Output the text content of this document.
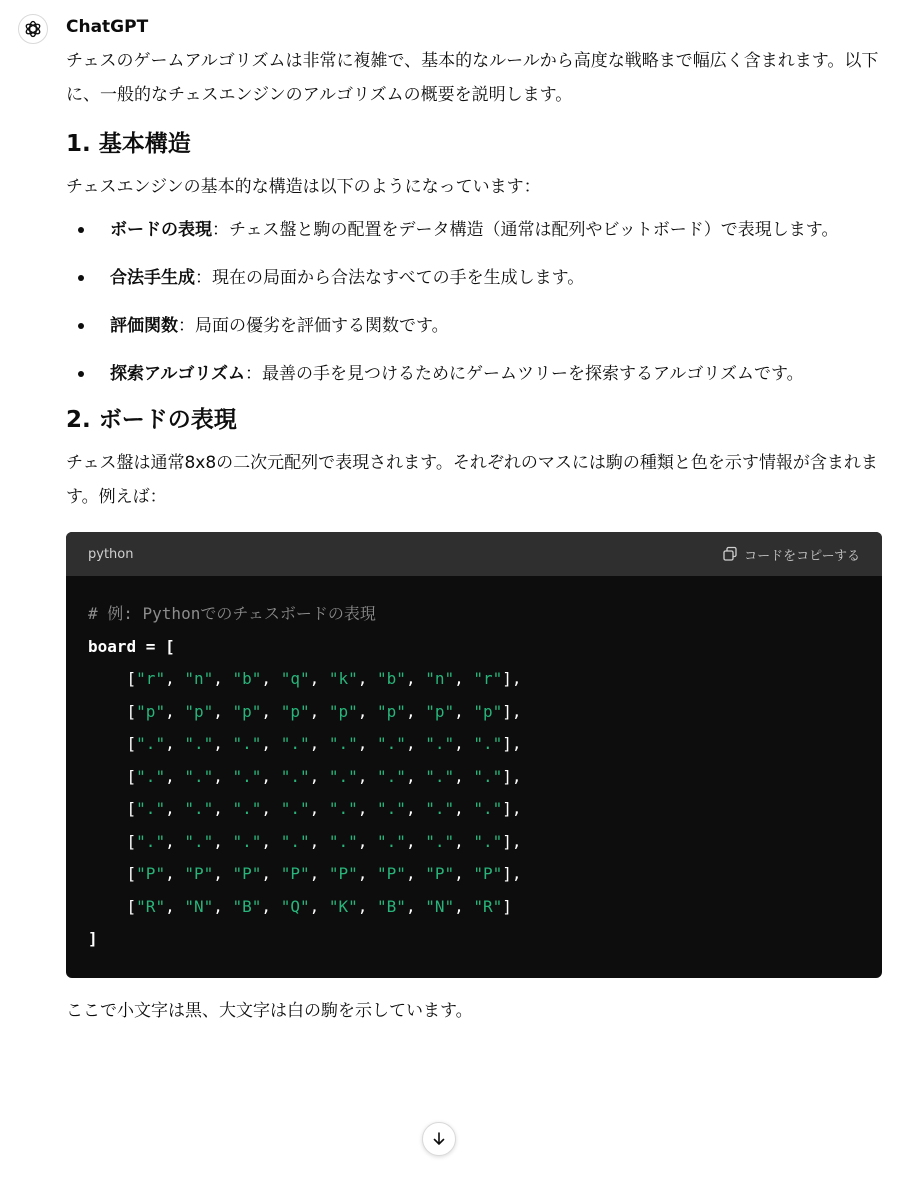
ChatGPT

チェスのゲームアルゴリズムは非常に複雑で、基本的なルールから高度な戦略まで幅広く含まれます。以下に、一般的なチェスエンジンのアルゴリズムの概要を説明します。

1. 基本構造

チェスエンジンの基本的な構造は以下のようになっています：

ボードの表現：チェス盤と駒の配置をデータ構造（通常は配列やビットボード）で表現します。
合法手生成：現在の局面から合法なすべての手を生成します。
評価関数：局面の優劣を評価する関数です。
探索アルゴリズム：最善の手を見つけるためにゲームツリーを探索するアルゴリズムです。
2. ボードの表現

チェス盤は通常8x8の二次元配列で表現されます。それぞれのマスには駒の種類と色を示す情報が含まれます。例えば：

python	コードをコピーする
# 例: Pythonでのチェスボードの表現
board = [
["r", "n", "b", "q", "k", "b", "n", "r"],
["p", "p", "p", "p", "p", "p", "p", "p"],
[".", ".", ".", ".", ".", ".", ".", "."],
[".", ".", ".", ".", ".", ".", ".", "."],
[".", ".", ".", ".", ".", ".", ".", "."],
[".", ".", ".", ".", ".", ".", ".", "."],
["P", "P", "P", "P", "P", "P", "P", "P"],
["R", "N", "B", "Q", "K", "B", "N", "R"]
]

ここで小文字は黒、大文字は白の駒を示しています。
